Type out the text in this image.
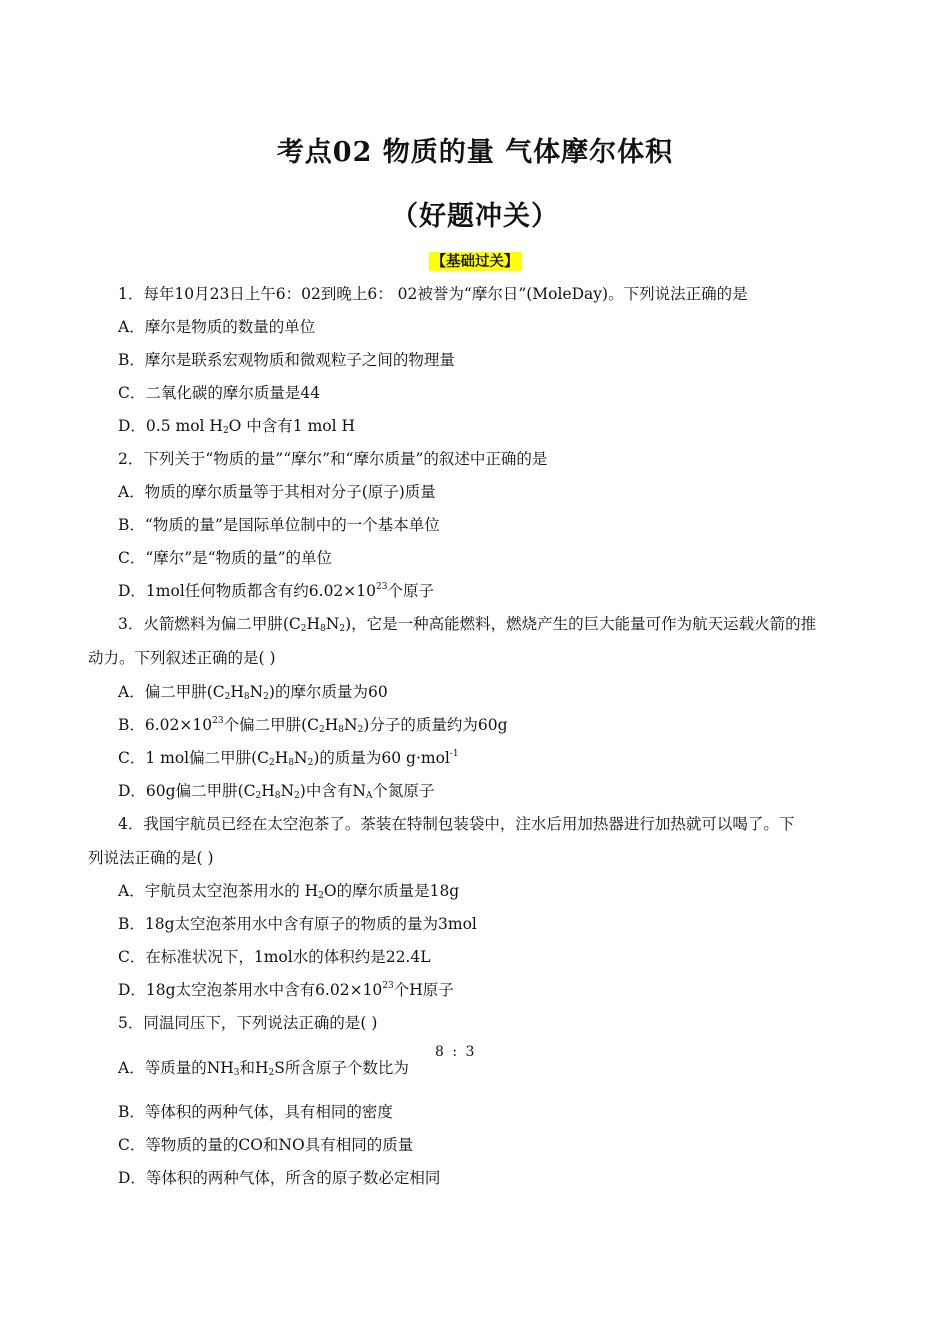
考点02 物质的量 气体摩尔体积
（好题冲关）
【基础过关】
1．每年10月23日上午6：02到晚上6： 02被誉为“摩尔日”(MoleDay)。下列说法正确的是
A．摩尔是物质的数量的单位
B．摩尔是联系宏观物质和微观粒子之间的物理量
C．二氧化碳的摩尔质量是44
D．0.5 mol $H_2O$ 中含有1 mol H
2．下列关于“物质的量”“摩尔”和“摩尔质量”的叙述中正确的是
A．物质的摩尔质量等于其相对分子(原子)质量
B．“物质的量”是国际单位制中的一个基本单位
C．“摩尔”是“物质的量”的单位
D．1mol任何物质都含有约$6.02\times 10^{23}$个原子
3．火箭燃料为偏二甲肼$(C_2H_8N_2)$，它是一种高能燃料，燃烧产生的巨大能量可作为航天运载火箭的推
动力。下列叙述正确的是( )
A．偏二甲肼$(C_2H_8N_2)$的摩尔质量为60
B．$6.02\times 10^{23}$个偏二甲肼$(C_2H_8N_2)$分子的质量约为60g
C．1 mol偏二甲肼$(C_2H_8N_2)$的质量为60 g·mol$^{-1}$
D．60g偏二甲肼$(C_2H_8N_2)$中含有$N_A$个氮原子
4．我国宇航员已经在太空泡茶了。茶装在特制包装袋中，注水后用加热器进行加热就可以喝了。下
列说法正确的是( )
A．宇航员太空泡茶用水的 $H_2O$的摩尔质量是18g
B．18g太空泡茶用水中含有原子的物质的量为3mol
C．在标准状况下，1mol水的体积约是22.4L
D．18g太空泡茶用水中含有$6.02\times 10^{23}$个H原子
5．同温同压下，下列说法正确的是( )
A．等质量的$NH_3$和$H_2S$所含原子个数比为
8 : 3
B．等体积的两种气体，具有相同的密度
C．等物质的量的CO和NO具有相同的质量
D．等体积的两种气体，所含的原子数必定相同
